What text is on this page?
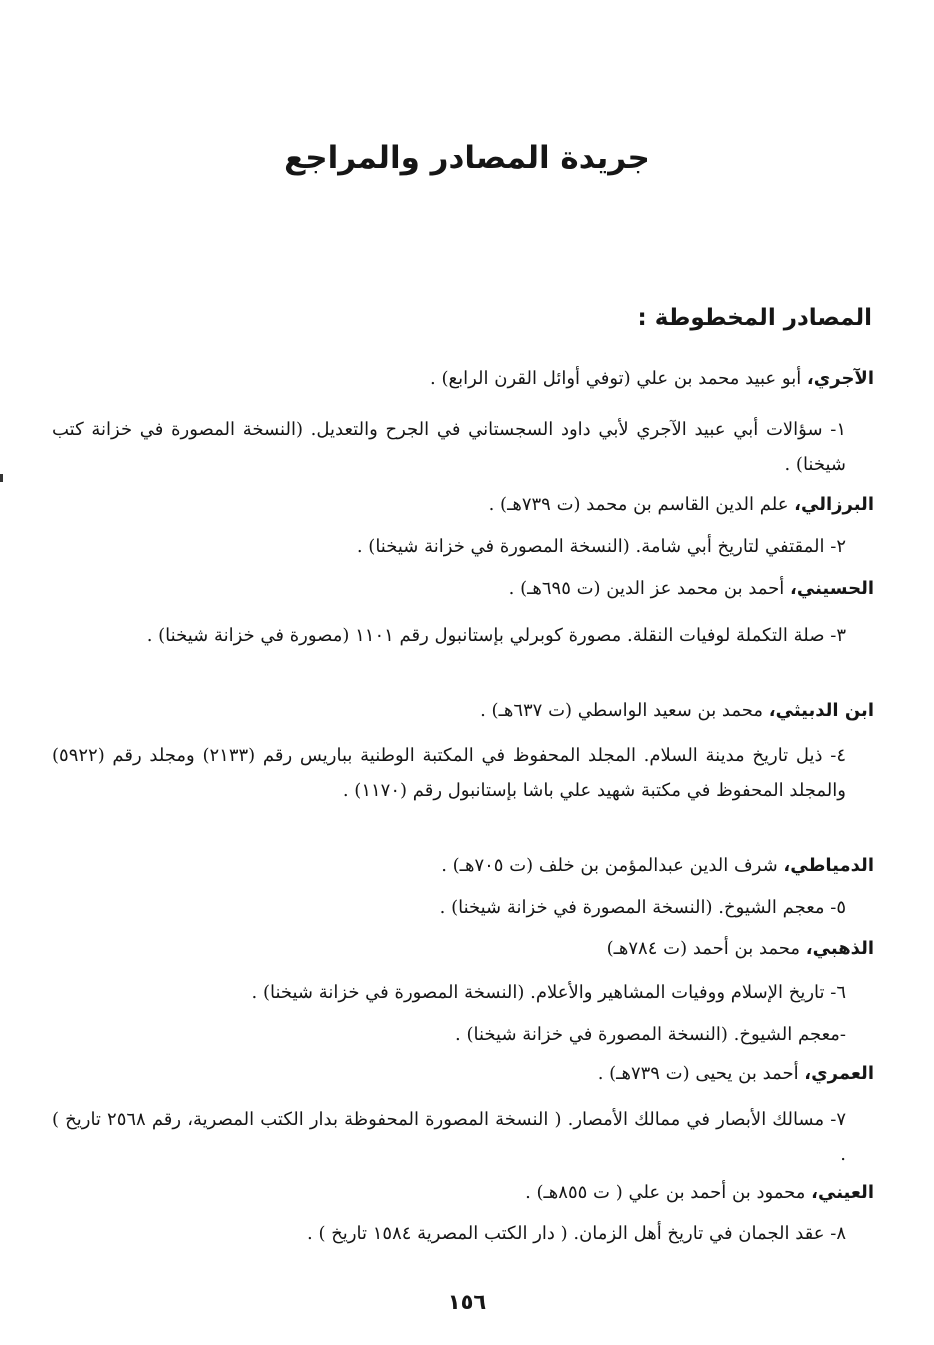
جريدة المصادر والمراجع
المصادر المخطوطة :
الآجري، أبو عبيد محمد بن علي (توفي أوائل القرن الرابع) .
١- سؤالات أبي عبيد الآجري لأبي داود السجستاني في الجرح والتعديل. (النسخة المصورة في خزانة كتب شيخنا) .
البرزالي، علم الدين القاسم بن محمد (ت ٧٣٩هـ) .
٢- المقتفي لتاريخ أبي شامة. (النسخة المصورة في خزانة شيخنا) .
الحسيني، أحمد بن محمد عز الدين (ت ٦٩٥هـ) .
٣- صلة التكملة لوفيات النقلة. مصورة كوبرلي بإستانبول رقم ١١٠١ (مصورة في خزانة شيخنا) .
ابن الدبيثي، محمد بن سعيد الواسطي (ت ٦٣٧هـ) .
٤- ذيل تاريخ مدينة السلام. المجلد المحفوظ في المكتبة الوطنية بباريس رقم (٢١٣٣) ومجلد رقم (٥٩٢٢) والمجلد المحفوظ في مكتبة شهيد علي باشا بإستانبول رقم (١١٧٠) .
الدمياطي، شرف الدين عبدالمؤمن بن خلف (ت ٧٠٥هـ) .
٥- معجم الشيوخ. (النسخة المصورة في خزانة شيخنا) .
الذهبي، محمد بن أحمد (ت ٧٨٤هـ)
٦- تاريخ الإسلام ووفيات المشاهير والأعلام. (النسخة المصورة في خزانة شيخنا) .
-معجم الشيوخ. (النسخة المصورة في خزانة شيخنا) .
العمري، أحمد بن يحيى (ت ٧٣٩هـ) .
٧- مسالك الأبصار في ممالك الأمصار. ( النسخة المصورة المحفوظة بدار الكتب المصرية، رقم ٢٥٦٨ تاريخ ) .
العيني، محمود بن أحمد بن علي ( ت ٨٥٥هـ) .
٨- عقد الجمان في تاريخ أهل الزمان. ( دار الكتب المصرية ١٥٨٤ تاريخ ) .
١٥٦
